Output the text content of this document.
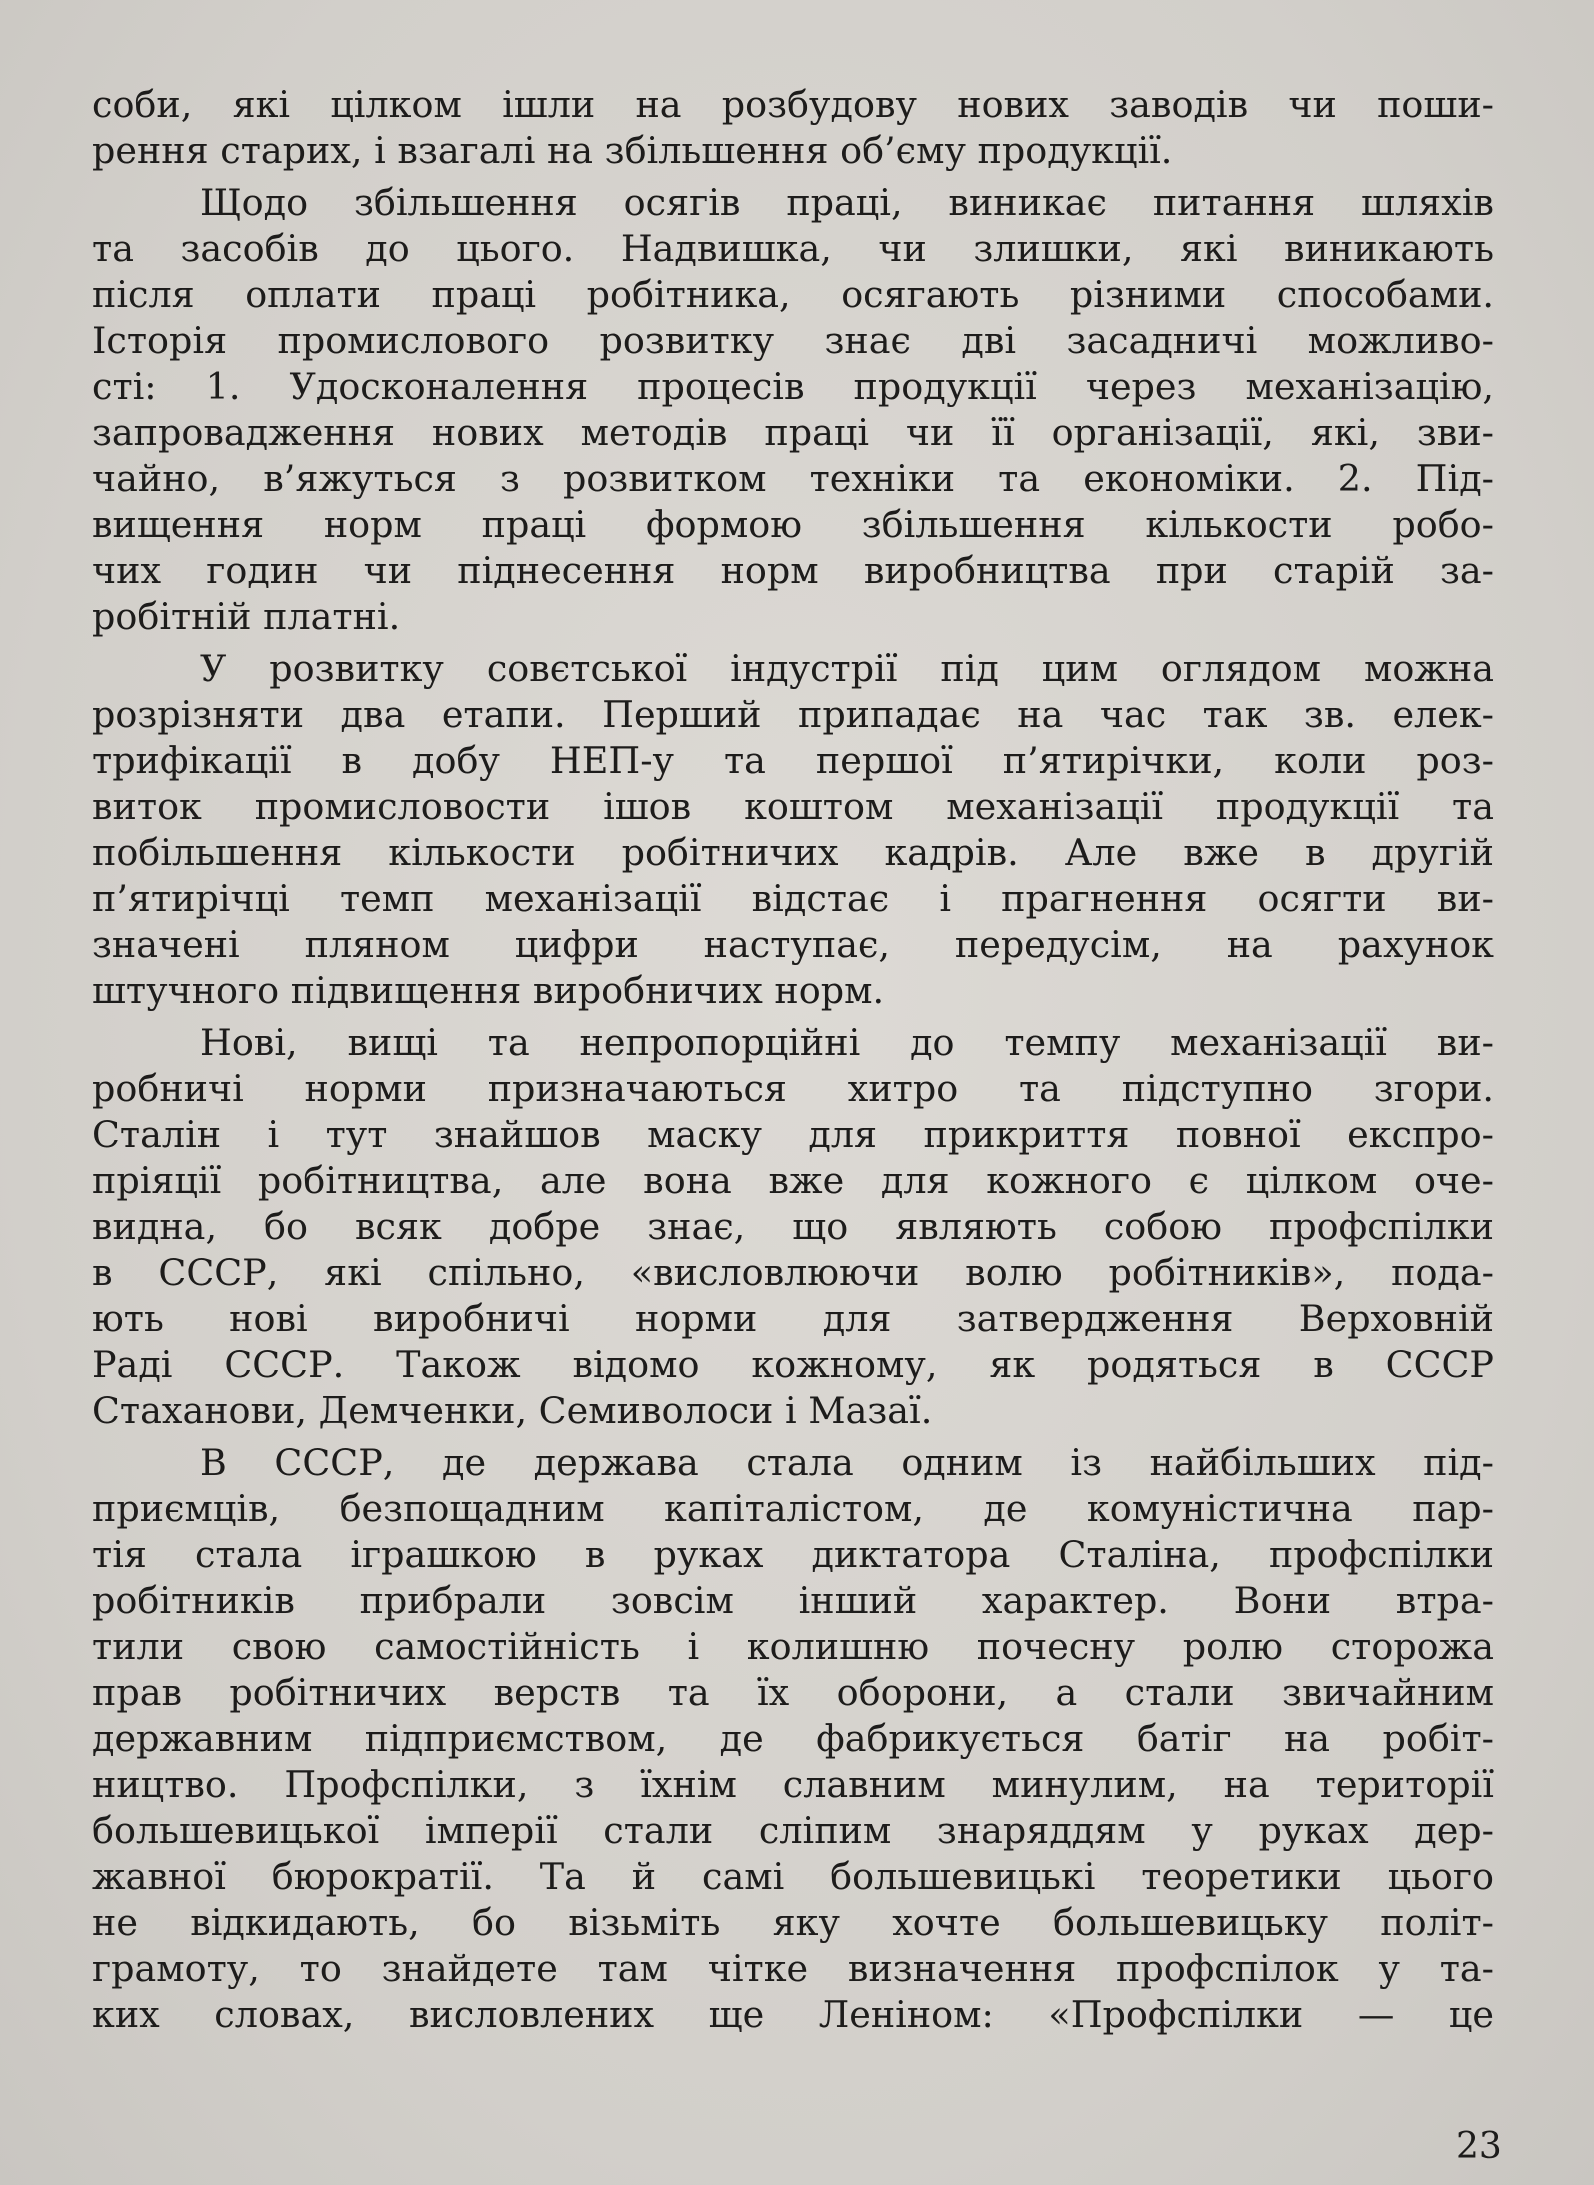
соби, які цілком ішли на розбудову нових заводів чи поши-
рення старих, і взагалі на збільшення об’єму продукції.
Щодо збільшення осягів праці, виникає питання шляхів
та засобів до цього. Надвишка, чи злишки, які виникають
після оплати праці робітника, осягають різними способами.
Історія промислового розвитку знає дві засадничі можливо-
сті: 1. Удосконалення процесів продукції через механізацію,
запровадження нових методів праці чи її організації, які, зви-
чайно, в’яжуться з розвитком техніки та економіки. 2. Під-
вищення норм праці формою збільшення кількости робо-
чих годин чи піднесення норм виробництва при старій за-
робітній платні.
У розвитку совєтської індустрії під цим оглядом можна
розрізняти два етапи. Перший припадає на час так зв. елек-
трифікації в добу НЕП-у та першої п’ятирічки, коли роз-
виток промисловости ішов коштом механізації продукції та
побільшення кількости робітничих кадрів. Але вже в другій
п’ятирічці темп механізації відстає і прагнення осягти ви-
значені пляном цифри наступає, передусім, на рахунок
штучного підвищення виробничих норм.
Нові, вищі та непропорційні до темпу механізації ви-
робничі норми призначаються хитро та підступно згори.
Сталін і тут знайшов маску для прикриття повної експро-
пріяції робітництва, але вона вже для кожного є цілком оче-
видна, бо всяк добре знає, що являють собою профспілки
в СССР, які спільно, «висловлюючи волю робітників», пода-
ють нові виробничі норми для затвердження Верховній
Раді СССР. Також відомо кожному, як родяться в СССР
Стаханови, Демченки, Семиволоси і Мазаї.
В СССР, де держава стала одним із найбільших під-
приємців, безпощадним капіталістом, де комуністична пар-
тія стала іграшкою в руках диктатора Сталіна, профспілки
робітників прибрали зовсім інший характер. Вони втра-
тили свою самостійність і колишню почесну ролю сторожа
прав робітничих верств та їх оборони, а стали звичайним
державним підприємством, де фабрикується батіг на робіт-
ництво. Профспілки, з їхнім славним минулим, на території
большевицької імперії стали сліпим знаряддям у руках дер-
жавної бюрократії. Та й самі большевицькі теоретики цього
не відкидають, бо візьміть яку хочте большевицьку політ-
грамоту, то знайдете там чітке визначення профспілок у та-
ких словах, висловлених ще Леніном: «Профспілки — це
23
